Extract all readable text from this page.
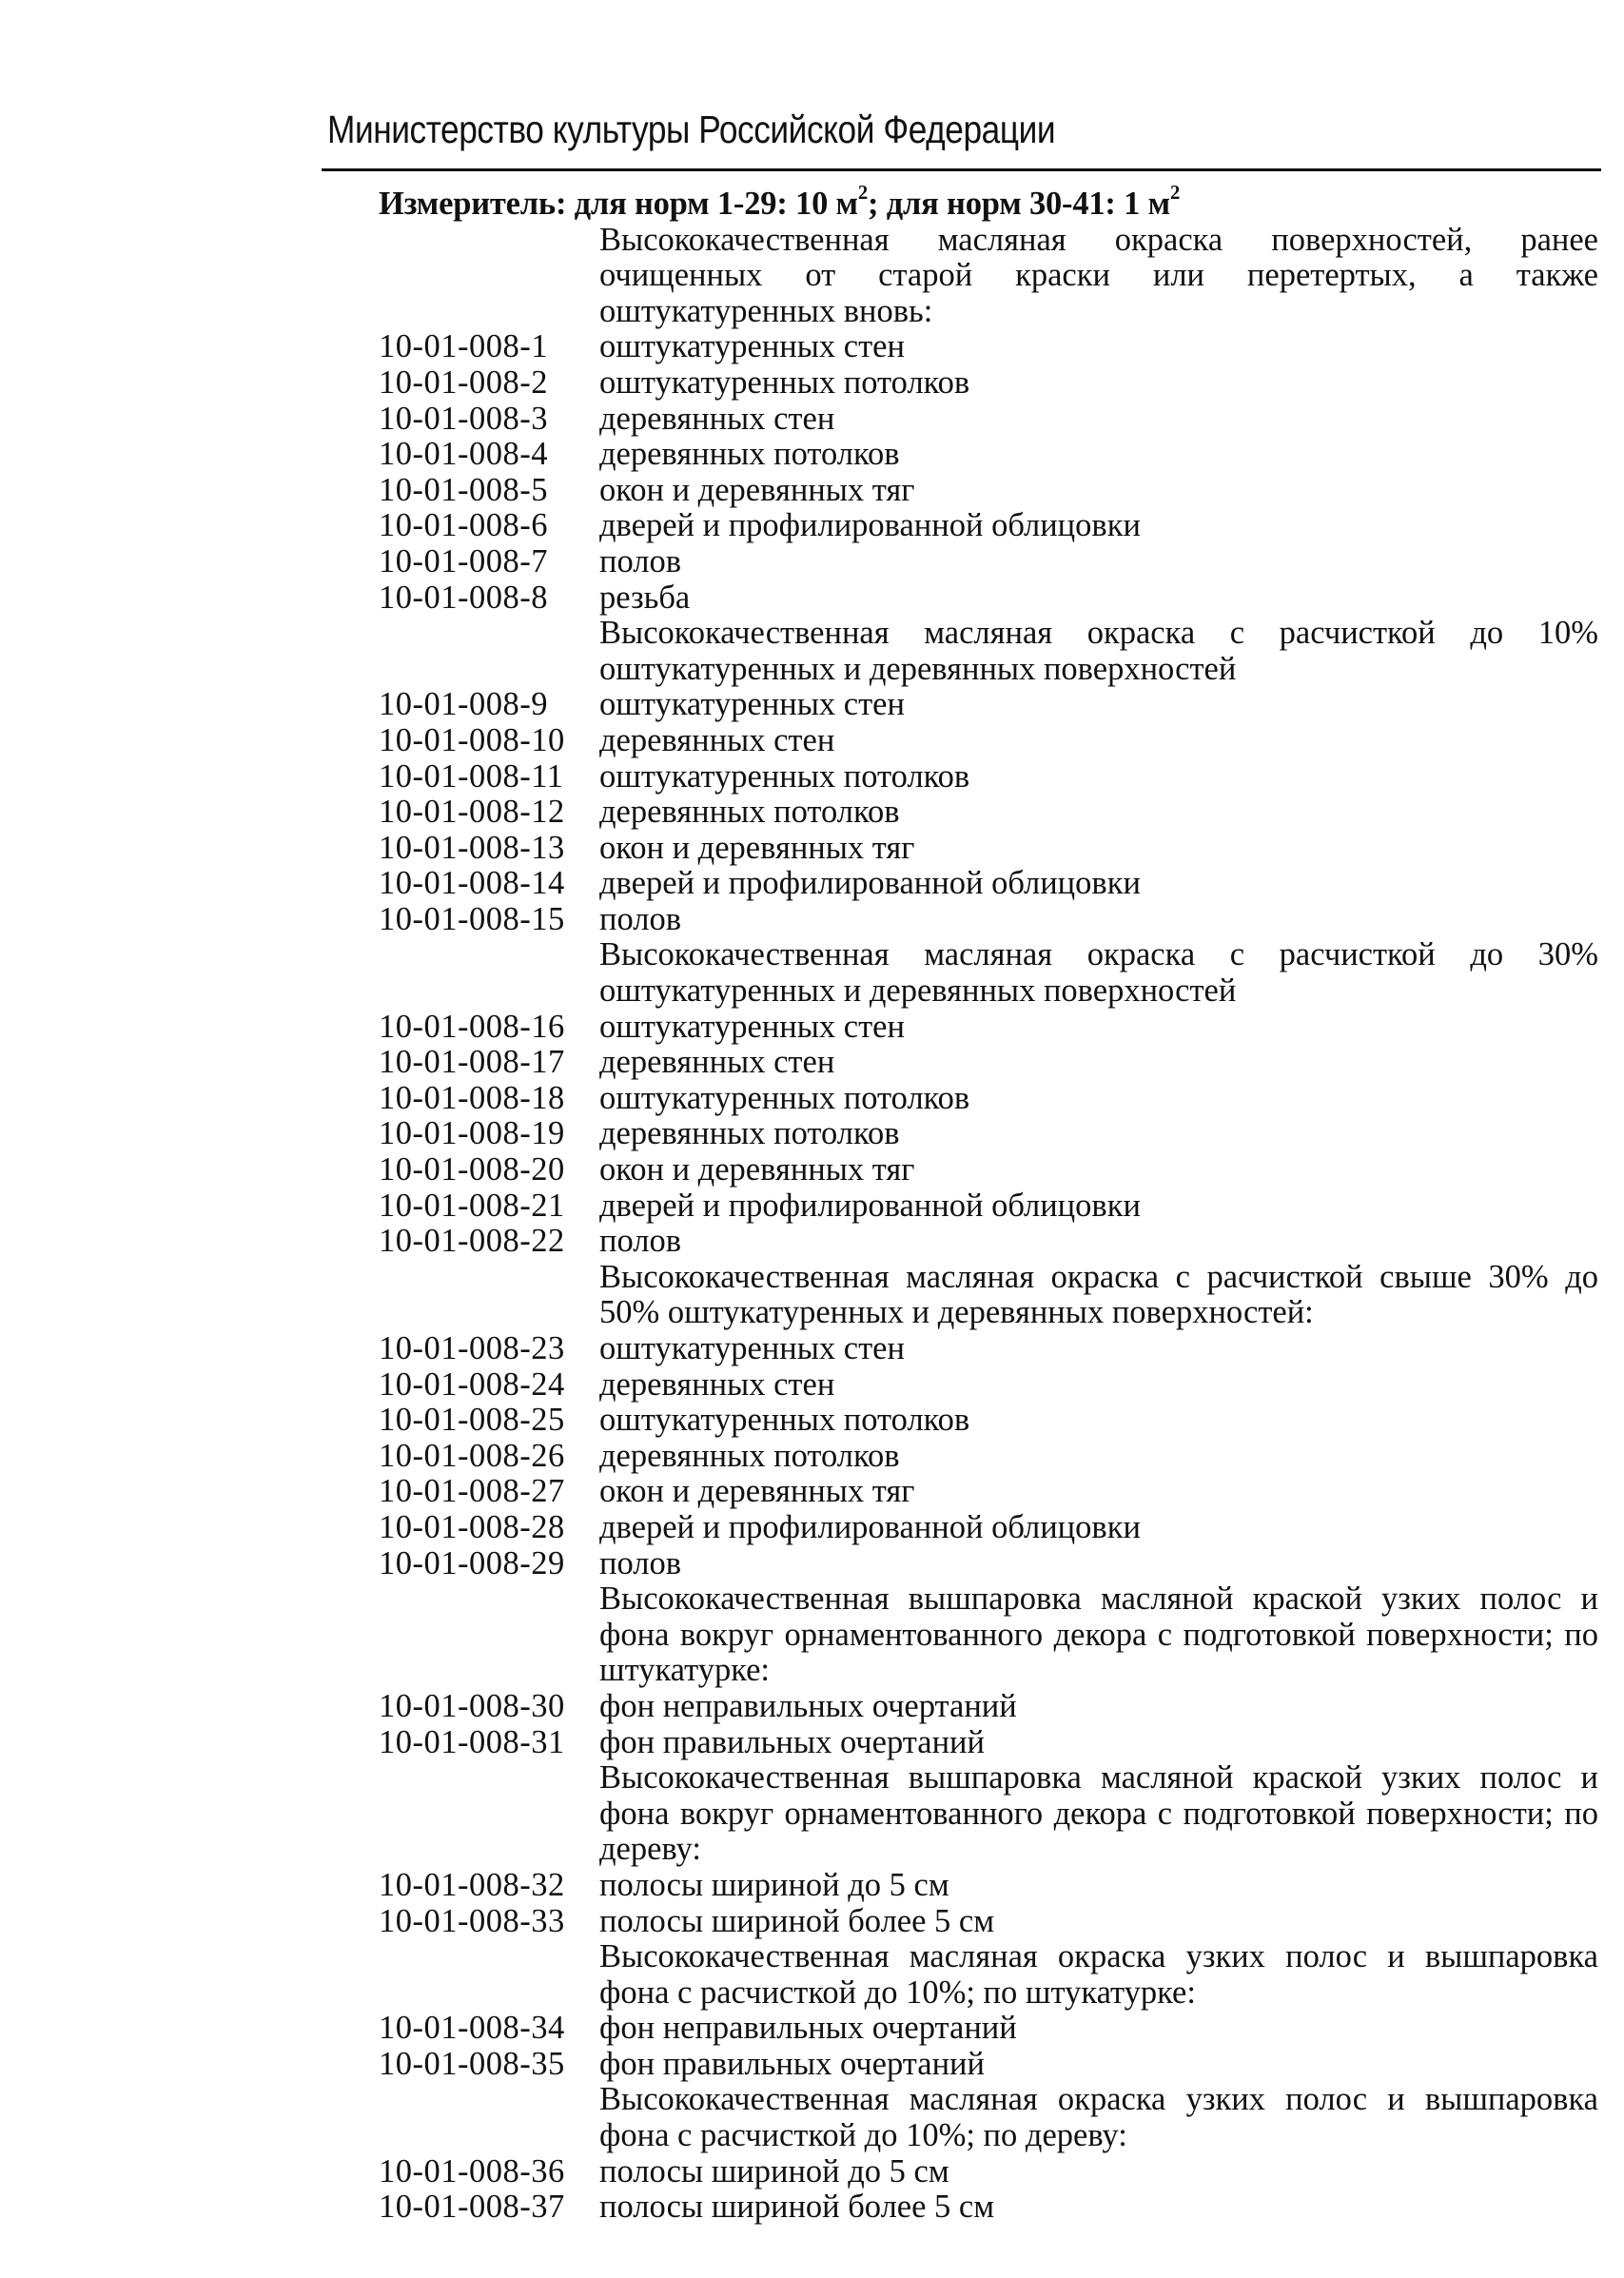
Министерство культуры Российской Федерации
Измеритель: для норм 1-29: 10 $м^2$; для норм 30-41: 1 $м^2$
Высококачественная масляная окраска поверхностей, ранее очищенных от старой краски или перетертых, а также оштукатуренных вновь:
10-01-008-1	оштукатуренных стен
10-01-008-2	оштукатуренных потолков
10-01-008-3	деревянных стен
10-01-008-4	деревянных потолков
10-01-008-5	окон и деревянных тяг
10-01-008-6	дверей и профилированной облицовки
10-01-008-7	полов
10-01-008-8	резьба
Высококачественная масляная окраска с расчисткой до 10% оштукатуренных и деревянных поверхностей
10-01-008-9	оштукатуренных стен
10-01-008-10	деревянных стен
10-01-008-11	оштукатуренных потолков
10-01-008-12	деревянных потолков
10-01-008-13	окон и деревянных тяг
10-01-008-14	дверей и профилированной облицовки
10-01-008-15	полов
Высококачественная масляная окраска с расчисткой до 30% оштукатуренных и деревянных поверхностей
10-01-008-16	оштукатуренных стен
10-01-008-17	деревянных стен
10-01-008-18	оштукатуренных потолков
10-01-008-19	деревянных потолков
10-01-008-20	окон и деревянных тяг
10-01-008-21	дверей и профилированной облицовки
10-01-008-22	полов
Высококачественная масляная окраска с расчисткой свыше 30% до 50% оштукатуренных и деревянных поверхностей:
10-01-008-23	оштукатуренных стен
10-01-008-24	деревянных стен
10-01-008-25	оштукатуренных потолков
10-01-008-26	деревянных потолков
10-01-008-27	окон и деревянных тяг
10-01-008-28	дверей и профилированной облицовки
10-01-008-29	полов
Высококачественная вышпаровка масляной краской узких полос и фона вокруг орнаментованного декора с подготовкой поверхности; по штукатурке:
10-01-008-30	фон неправильных очертаний
10-01-008-31	фон правильных очертаний
Высококачественная вышпаровка масляной краской узких полос и фона вокруг орнаментованного декора с подготовкой поверхности; по дереву:
10-01-008-32	полосы шириной до 5 см
10-01-008-33	полосы шириной более 5 см
Высококачественная масляная окраска узких полос и вышпаровка фона с расчисткой до 10%; по штукатурке:
10-01-008-34	фон неправильных очертаний
10-01-008-35	фон правильных очертаний
Высококачественная масляная окраска узких полос и вышпаровка фона с расчисткой до 10%; по дереву:
10-01-008-36	полосы шириной до 5 см
10-01-008-37	полосы шириной более 5 см
